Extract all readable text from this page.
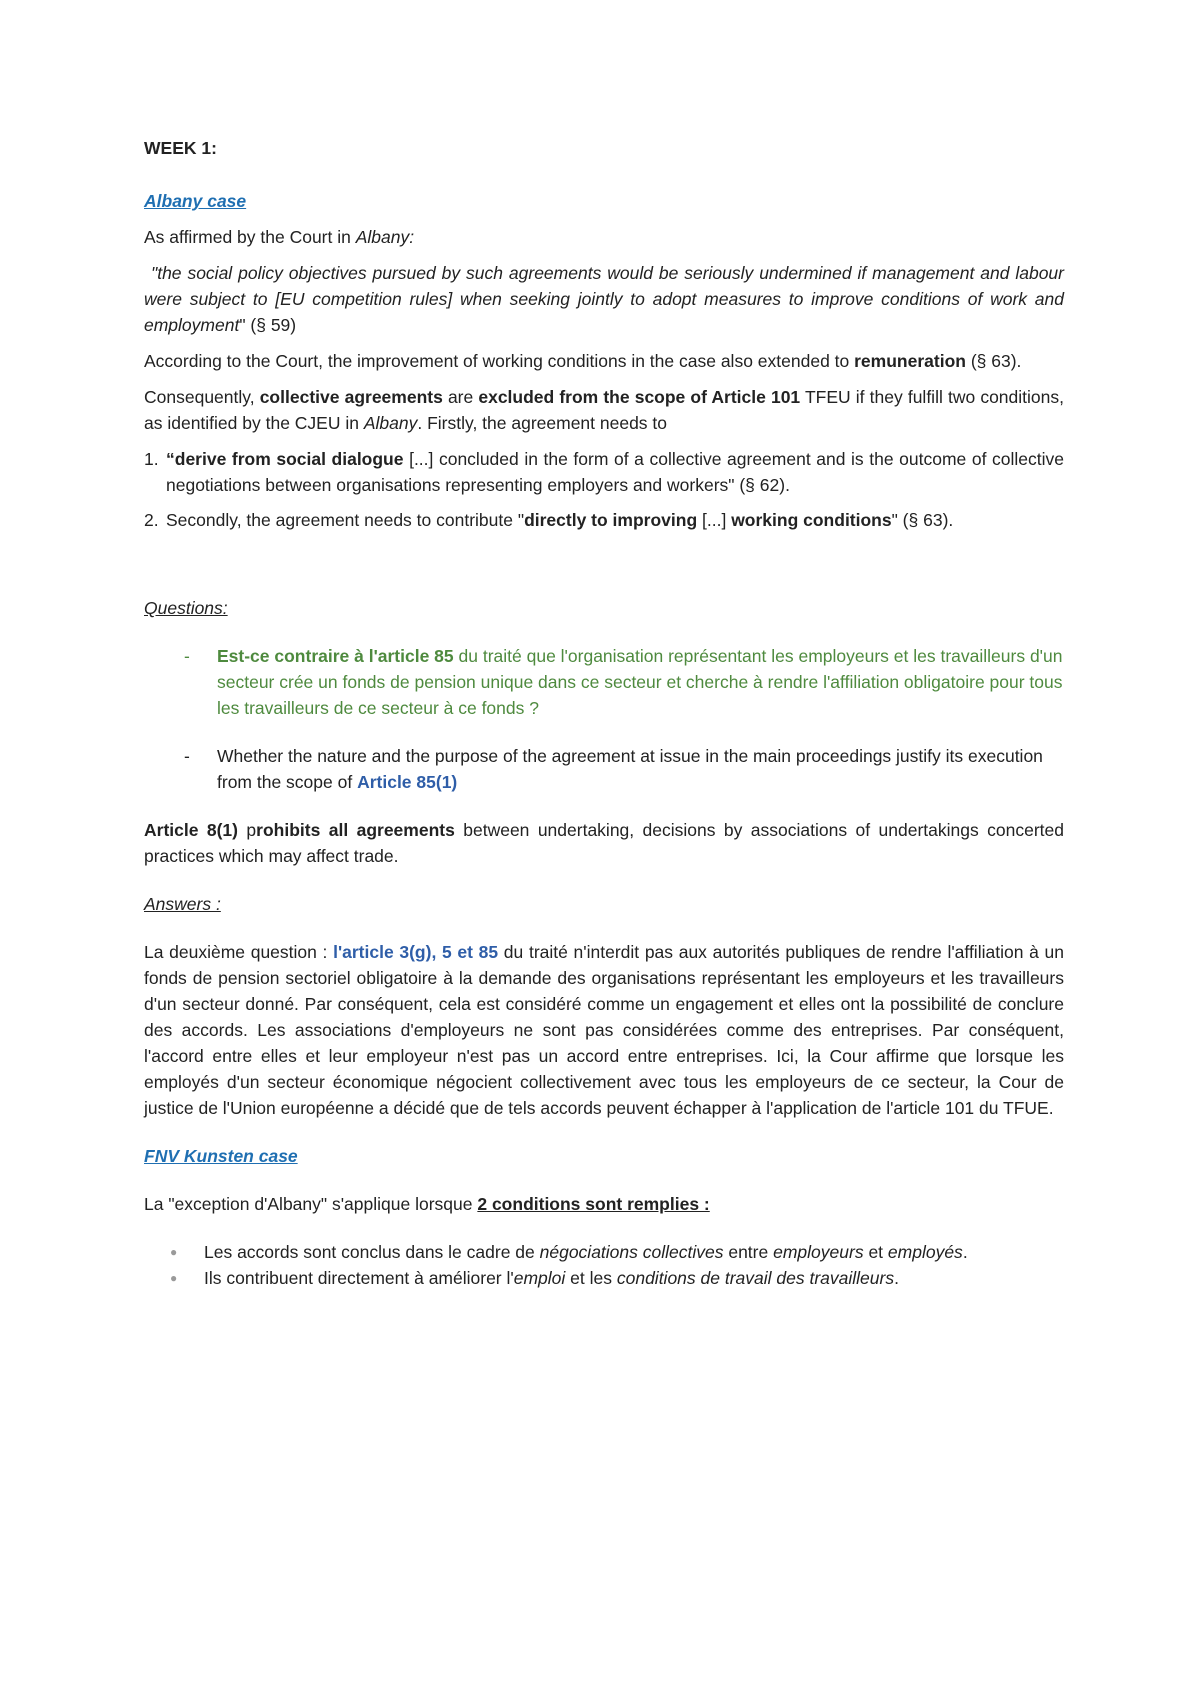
WEEK 1:

Albany case

As affirmed by the Court in Albany:

"the social policy objectives pursued by such agreements would be seriously undermined if management and labour were subject to [EU competition rules] when seeking jointly to adopt measures to improve conditions of work and employment" (§ 59)

According to the Court, the improvement of working conditions in the case also extended to remuneration (§ 63).

Consequently, collective agreements are excluded from the scope of Article 101 TFEU if they fulfill two conditions, as identified by the CJEU in Albany. Firstly, the agreement needs to

1. “derive from social dialogue [...] concluded in the form of a collective agreement and is the outcome of collective negotiations between organisations representing employers and workers" (§ 62).
2. Secondly, the agreement needs to contribute "directly to improving [...] working conditions" (§ 63).

Questions:

- Est-ce contraire à l'article 85 du traité que l'organisation représentant les employeurs et les travailleurs d'un secteur crée un fonds de pension unique dans ce secteur et cherche à rendre l'affiliation obligatoire pour tous les travailleurs de ce secteur à ce fonds ?
- Whether the nature and the purpose of the agreement at issue in the main proceedings justify its execution from the scope of Article 85(1)

Article 8(1) prohibits all agreements between undertaking, decisions by associations of undertakings concerted practices which may affect trade.

Answers :

La deuxième question : l'article 3(g), 5 et 85 du traité n'interdit pas aux autorités publiques de rendre l'affiliation à un fonds de pension sectoriel obligatoire à la demande des organisations représentant les employeurs et les travailleurs d'un secteur donné. Par conséquent, cela est considéré comme un engagement et elles ont la possibilité de conclure des accords. Les associations d'employeurs ne sont pas considérées comme des entreprises. Par conséquent, l'accord entre elles et leur employeur n'est pas un accord entre entreprises. Ici, la Cour affirme que lorsque les employés d'un secteur économique négocient collectivement avec tous les employeurs de ce secteur, la Cour de justice de l'Union européenne a décidé que de tels accords peuvent échapper à l'application de l'article 101 du TFUE.

FNV Kunsten case

La "exception d'Albany" s'applique lorsque 2 conditions sont remplies :

● Les accords sont conclus dans le cadre de négociations collectives entre employeurs et employés.
● Ils contribuent directement à améliorer l'emploi et les conditions de travail des travailleurs.
